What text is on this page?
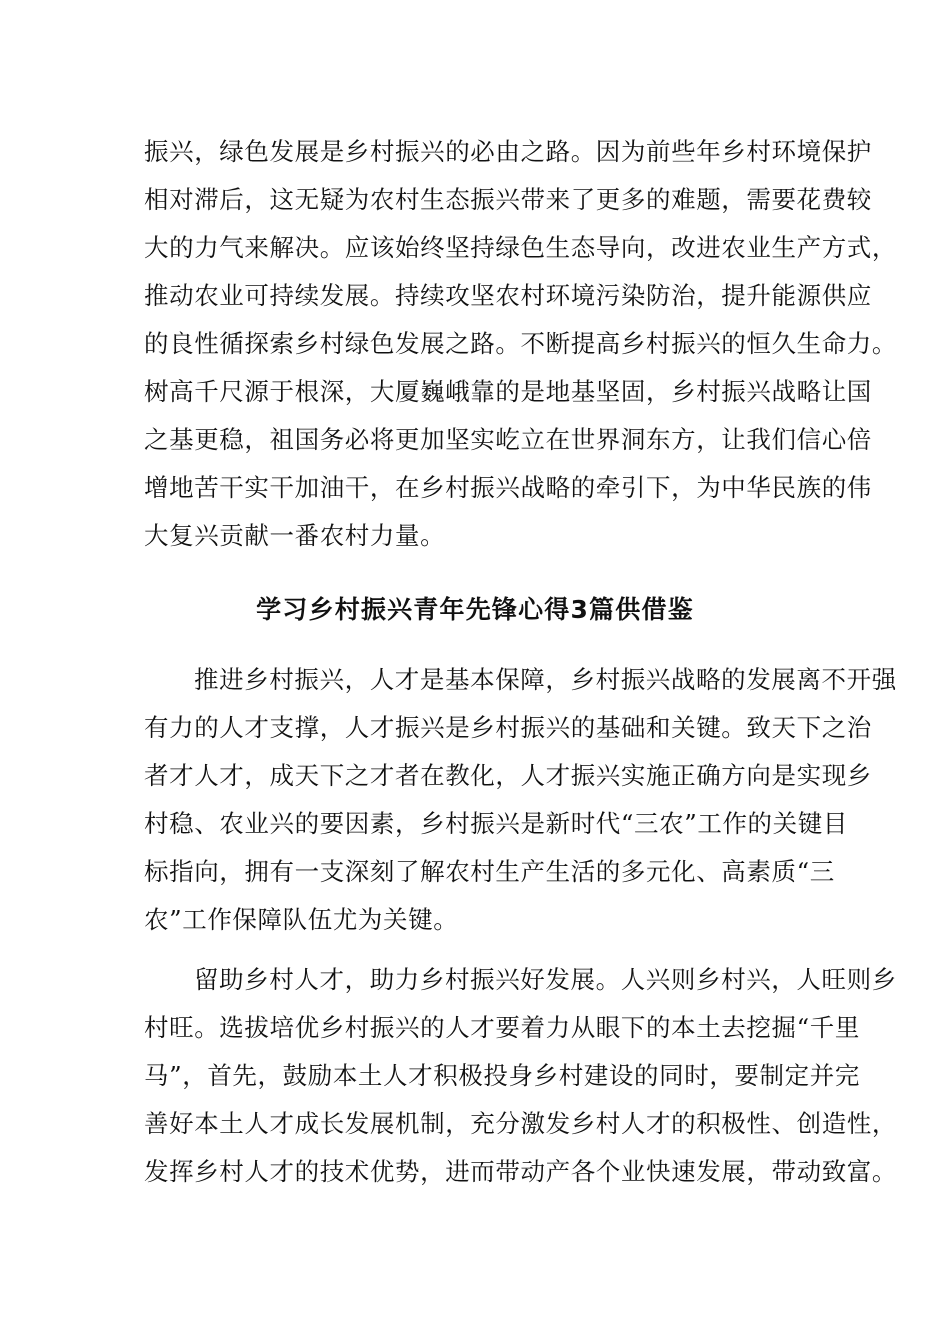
振兴，绿色发展是乡村振兴的必由之路。因为前些年乡村环境保护
相对滞后，这无疑为农村生态振兴带来了更多的难题，需要花费较
大的力气来解决。应该始终坚持绿色生态导向，改进农业生产方式，
推动农业可持续发展。持续攻坚农村环境污染防治，提升能源供应
的良性循探索乡村绿色发展之路。不断提高乡村振兴的恒久生命力。
树高千尺源于根深，大厦巍峨靠的是地基坚固，乡村振兴战略让国
之基更稳，祖国务必将更加坚实屹立在世界洞东方，让我们信心倍
增地苦干实干加油干，在乡村振兴战略的牵引下，为中华民族的伟
大复兴贡献一番农村力量。
学习乡村振兴青年先锋心得3篇供借鉴
推进乡村振兴，人才是基本保障，乡村振兴战略的发展离不开强
有力的人才支撑，人才振兴是乡村振兴的基础和关键。致天下之治
者才人才，成天下之才者在教化，人才振兴实施正确方向是实现乡
村稳、农业兴的要因素，乡村振兴是新时代“三农”工作的关键目
标指向，拥有一支深刻了解农村生产生活的多元化、高素质“三
农”工作保障队伍尤为关键。
留助乡村人才，助力乡村振兴好发展。人兴则乡村兴，人旺则乡
村旺。选拔培优乡村振兴的人才要着力从眼下的本土去挖掘“千里
马”，首先，鼓励本土人才积极投身乡村建设的同时，要制定并完
善好本土人才成长发展机制，充分激发乡村人才的积极性、创造性，
发挥乡村人才的技术优势，进而带动产各个业快速发展，带动致富。
